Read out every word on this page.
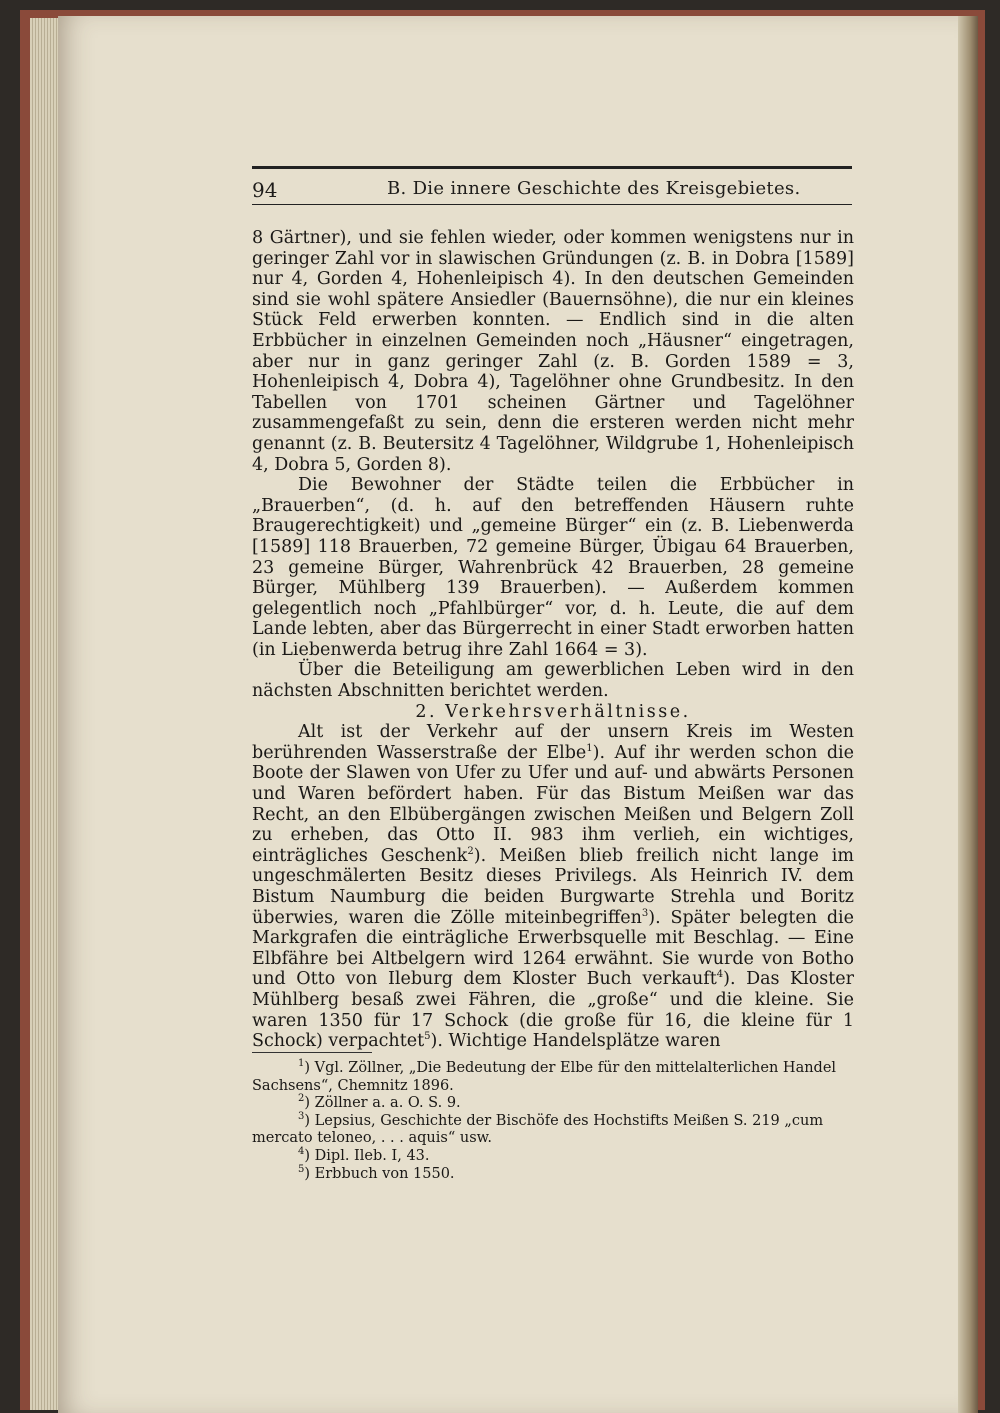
94	B. Die innere Geschichte des Kreisgebietes.

8 Gärtner), und sie fehlen wieder, oder kommen wenigstens nur in geringer Zahl vor in slawischen Gründungen (z. B. in Dobra [1589] nur 4, Gorden 4, Hohenleipisch 4). In den deutschen Gemeinden sind sie wohl spätere Ansiedler (Bauernsöhne), die nur ein kleines Stück Feld erwerben konnten. — Endlich sind in die alten Erbbücher in einzelnen Gemeinden noch „Häusner“ eingetragen, aber nur in ganz geringer Zahl (z. B. Gorden 1589 = 3, Hohenleipisch 4, Dobra 4), Tagelöhner ohne Grundbesitz. In den Tabellen von 1701 scheinen Gärtner und Tagelöhner zusammengefaßt zu sein, denn die ersteren werden nicht mehr genannt (z. B. Beutersitz 4 Tagelöhner, Wildgrube 1, Hohenleipisch 4, Dobra 5, Gorden 8).

Die Bewohner der Städte teilen die Erbbücher in „Brauerben“, (d. h. auf den betreffenden Häusern ruhte Braugerechtigkeit) und „gemeine Bürger“ ein (z. B. Liebenwerda [1589] 118 Brauerben, 72 gemeine Bürger, Übigau 64 Brauerben, 23 gemeine Bürger, Wahrenbrück 42 Brauerben, 28 gemeine Bürger, Mühlberg 139 Brauerben). — Außerdem kommen gelegentlich noch „Pfahlbürger“ vor, d. h. Leute, die auf dem Lande lebten, aber das Bürgerrecht in einer Stadt erworben hatten (in Liebenwerda betrug ihre Zahl 1664 = 3).

Über die Beteiligung am gewerblichen Leben wird in den nächsten Abschnitten berichtet werden.

2. Verkehrsverhältnisse.

Alt ist der Verkehr auf der unsern Kreis im Westen berührenden Wasserstraße der Elbe$^1$). Auf ihr werden schon die Boote der Slawen von Ufer zu Ufer und auf- und abwärts Personen und Waren befördert haben. Für das Bistum Meißen war das Recht, an den Elbübergängen zwischen Meißen und Belgern Zoll zu erheben, das Otto II. 983 ihm verlieh, ein wichtiges, einträgliches Geschenk$^2$). Meißen blieb freilich nicht lange im ungeschmälerten Besitz dieses Privilegs. Als Heinrich IV. dem Bistum Naumburg die beiden Burgwarte Strehla und Boritz überwies, waren die Zölle miteinbegriffen$^3$). Später belegten die Markgrafen die einträgliche Erwerbsquelle mit Beschlag. — Eine Elbfähre bei Altbelgern wird 1264 erwähnt. Sie wurde von Botho und Otto von Ileburg dem Kloster Buch verkauft$^4$). Das Kloster Mühlberg besaß zwei Fähren, die „große“ und die kleine. Sie waren 1350 für 17 Schock (die große für 16, die kleine für 1 Schock) verpachtet$^5$). Wichtige Handelsplätze waren

$^1$) Vgl. Zöllner, „Die Bedeutung der Elbe für den mittelalterlichen Handel Sachsens“, Chemnitz 1896.

$^2$) Zöllner a. a. O. S. 9.

$^3$) Lepsius, Geschichte der Bischöfe des Hochstifts Meißen S. 219 „cum mercato teloneo, . . . aquis“ usw.

$^4$) Dipl. Ileb. I, 43.

$^5$) Erbbuch von 1550.
